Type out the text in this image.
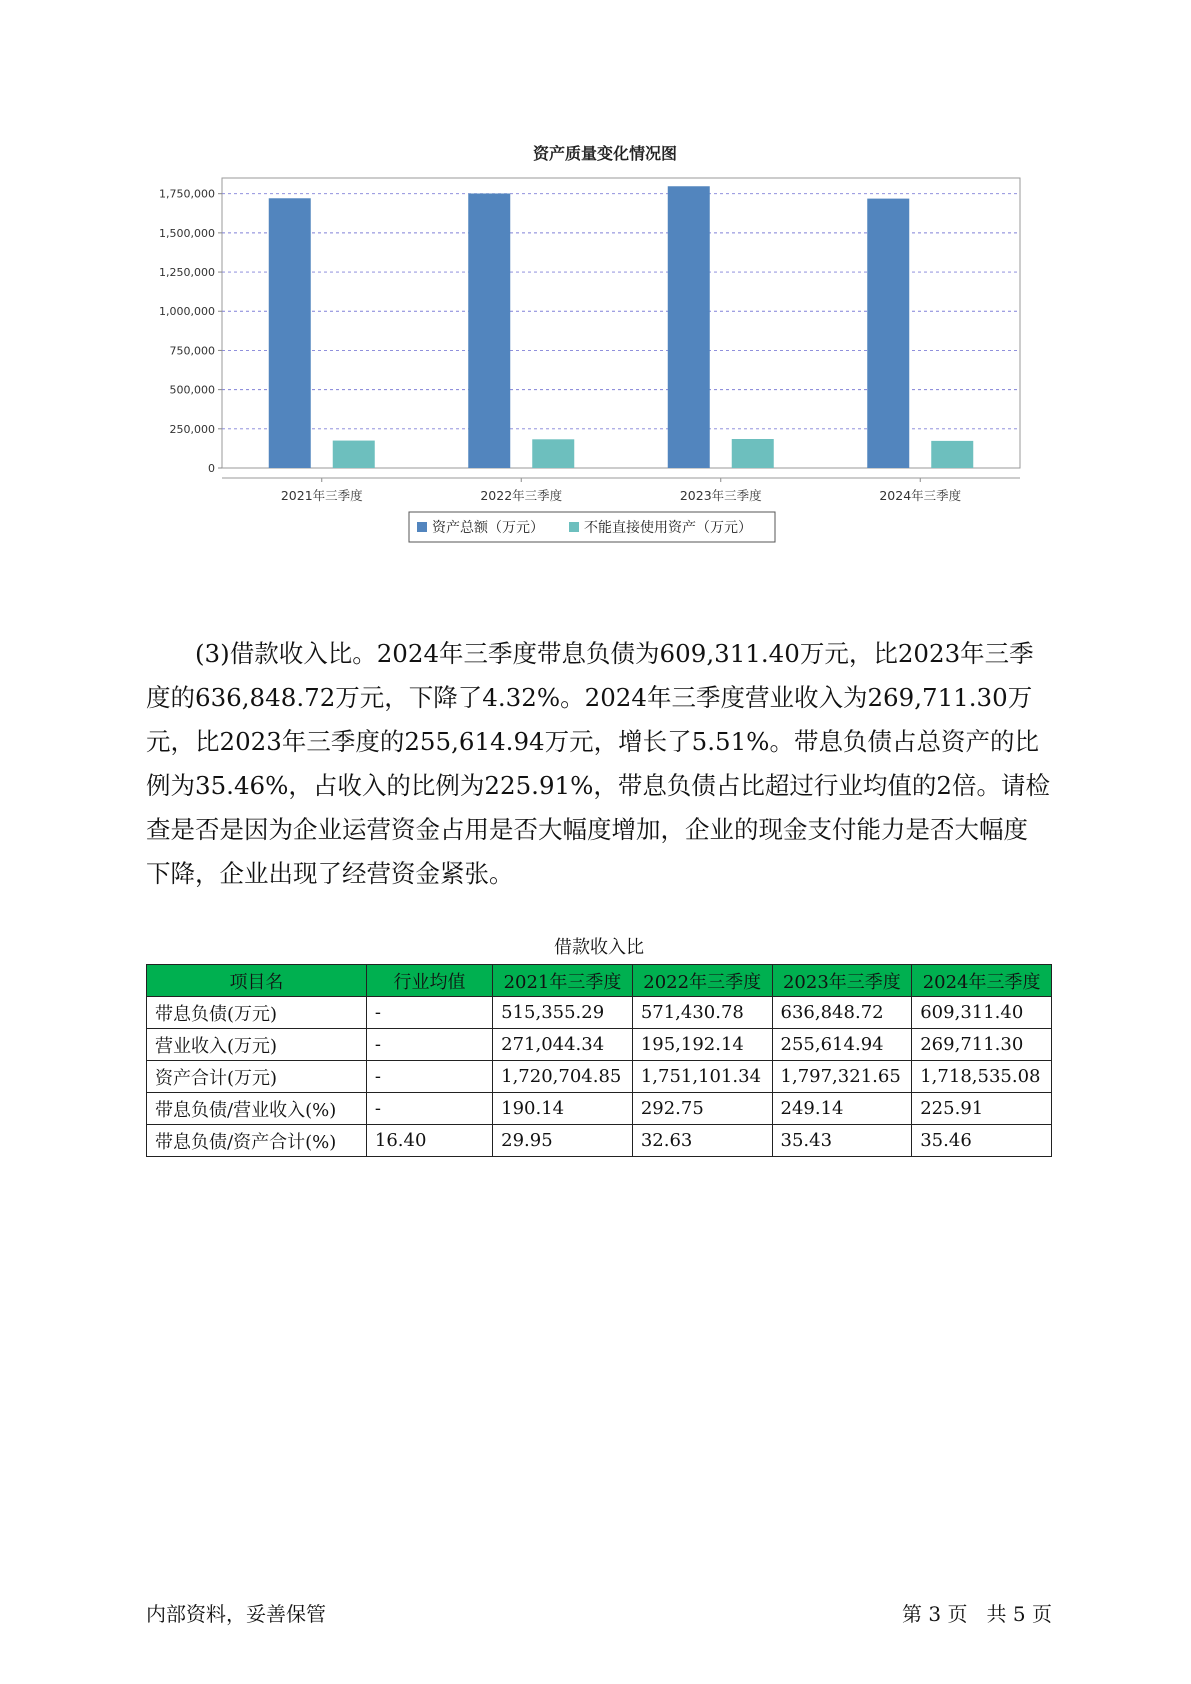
资产质量变化情况图
0
250,000
500,000
750,000
1,000,000
1,250,000
1,500,000
1,750,000
2021年三季度	2022年三季度	2023年三季度	2024年三季度
资产总额（万元）	不能直接使用资产（万元）

　　(3)借款收入比。2024年三季度带息负债为609,311.40万元，比2023年三季度的636,848.72万元，下降了4.32%。2024年三季度营业收入为269,711.30万元，比2023年三季度的255,614.94万元，增长了5.51%。带息负债占总资产的比例为35.46%，占收入的比例为225.91%，带息负债占比超过行业均值的2倍。请检查是否是因为企业运营资金占用是否大幅度增加，企业的现金支付能力是否大幅度下降，企业出现了经营资金紧张。

借款收入比
项目名	行业均值	2021年三季度	2022年三季度	2023年三季度	2024年三季度
带息负债(万元)	-	515,355.29	571,430.78	636,848.72	609,311.40
营业收入(万元)	-	271,044.34	195,192.14	255,614.94	269,711.30
资产合计(万元)	-	1,720,704.85	1,751,101.34	1,797,321.65	1,718,535.08
带息负债/营业收入(%)	-	190.14	292.75	249.14	225.91
带息负债/资产合计(%)	16.40	29.95	32.63	35.43	35.46
内部资料，妥善保管	第 3 页   共 5 页
